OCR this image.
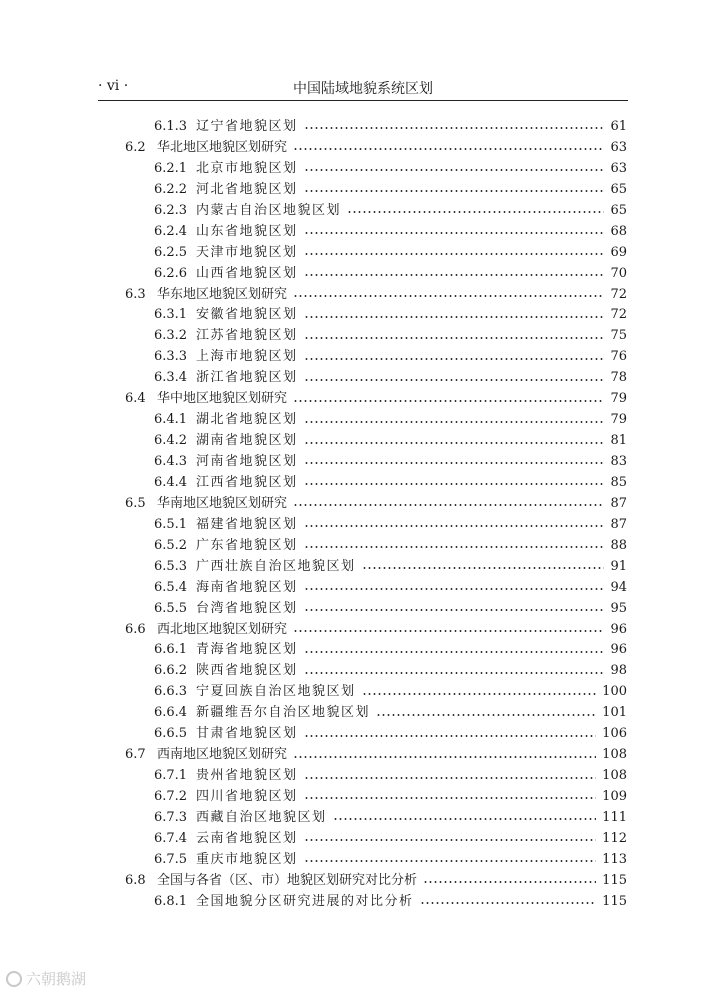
· vi ·	中国陆域地貌系统区划
6.1.3 辽宁省地貌区划	61
6.2 华北地区地貌区划研究	63
6.2.1 北京市地貌区划	63
6.2.2 河北省地貌区划	65
6.2.3 内蒙古自治区地貌区划	65
6.2.4 山东省地貌区划	68
6.2.5 天津市地貌区划	69
6.2.6 山西省地貌区划	70
6.3 华东地区地貌区划研究	72
6.3.1 安徽省地貌区划	72
6.3.2 江苏省地貌区划	75
6.3.3 上海市地貌区划	76
6.3.4 浙江省地貌区划	78
6.4 华中地区地貌区划研究	79
6.4.1 湖北省地貌区划	79
6.4.2 湖南省地貌区划	81
6.4.3 河南省地貌区划	83
6.4.4 江西省地貌区划	85
6.5 华南地区地貌区划研究	87
6.5.1 福建省地貌区划	87
6.5.2 广东省地貌区划	88
6.5.3 广西壮族自治区地貌区划	91
6.5.4 海南省地貌区划	94
6.5.5 台湾省地貌区划	95
6.6 西北地区地貌区划研究	96
6.6.1 青海省地貌区划	96
6.6.2 陕西省地貌区划	98
6.6.3 宁夏回族自治区地貌区划	100
6.6.4 新疆维吾尔自治区地貌区划	101
6.6.5 甘肃省地貌区划	106
6.7 西南地区地貌区划研究	108
6.7.1 贵州省地貌区划	108
6.7.2 四川省地貌区划	109
6.7.3 西藏自治区地貌区划	111
6.7.4 云南省地貌区划	112
6.7.5 重庆市地貌区划	113
6.8 全国与各省（区、市）地貌区划研究对比分析	115
6.8.1 全国地貌分区研究进展的对比分析	115
六朝鹅湖
